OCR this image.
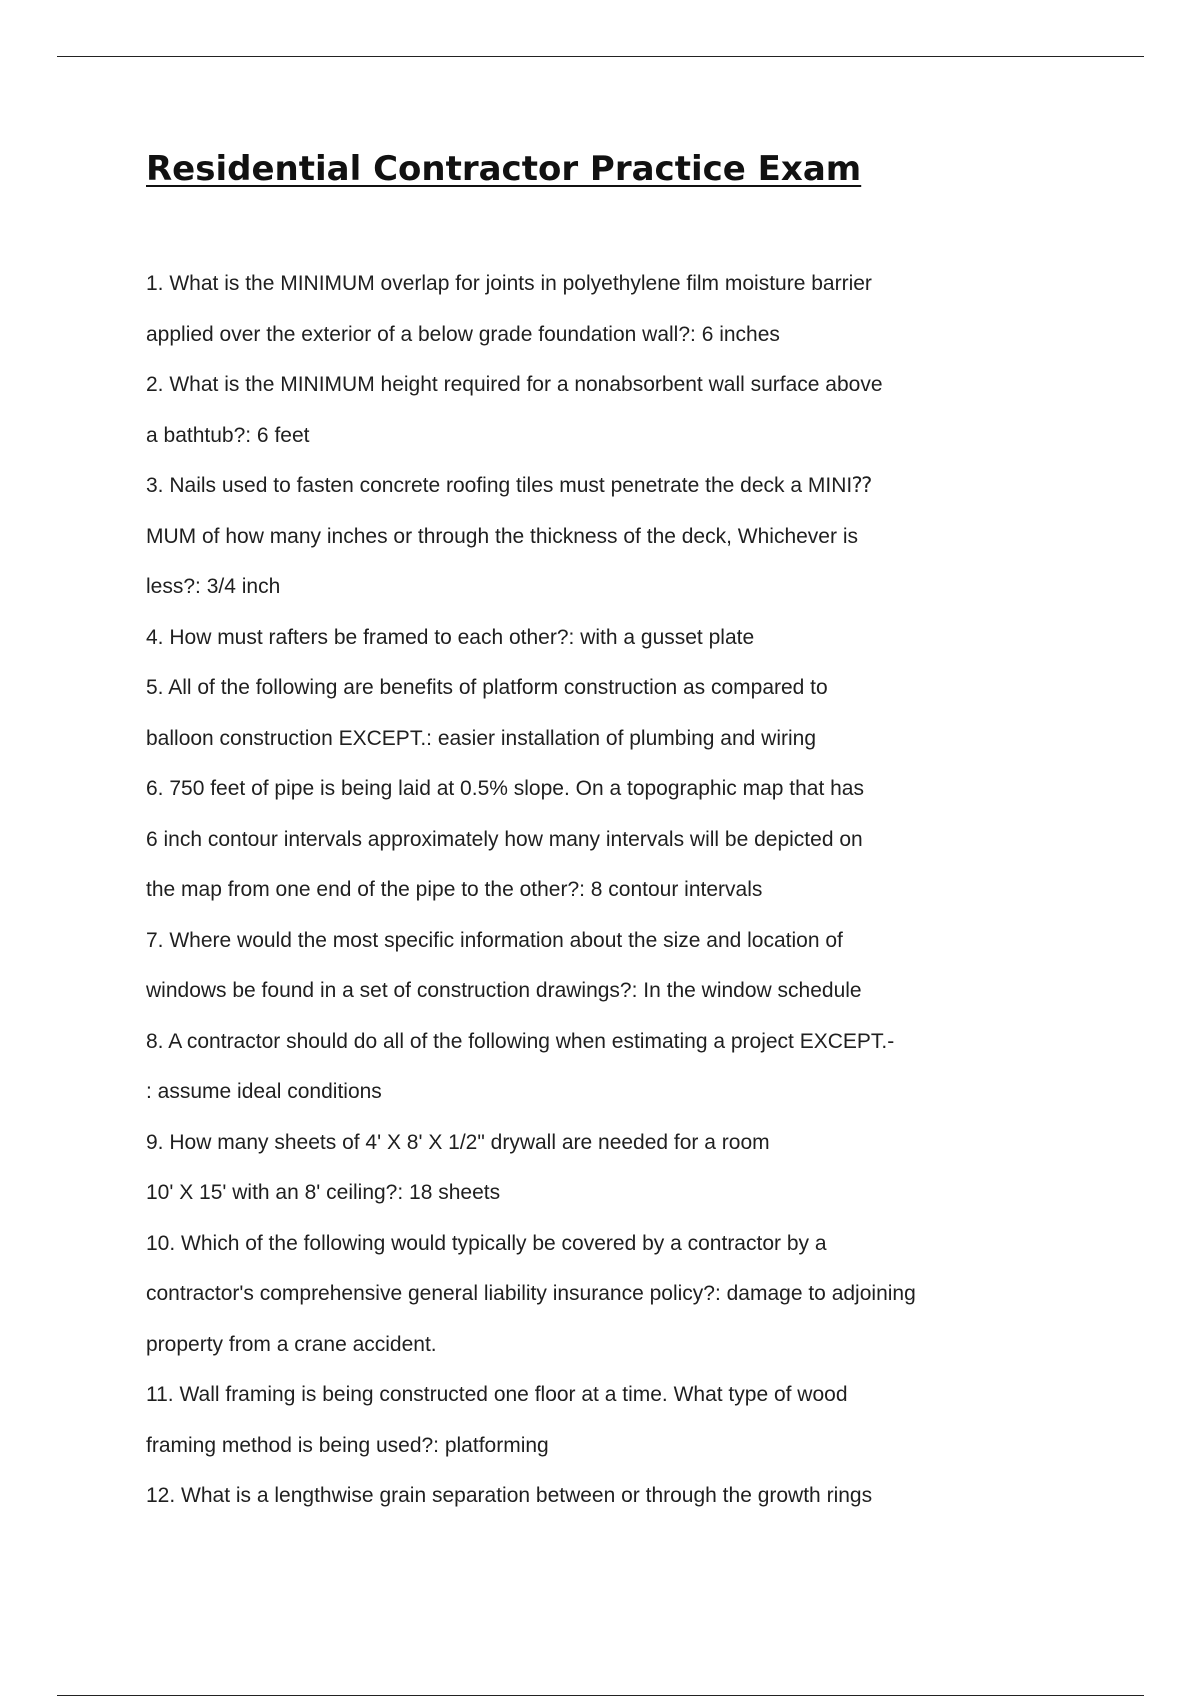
Residential Contractor Practice Exam
1. What is the MINIMUM overlap for joints in polyethylene film moisture barrier
applied over the exterior of a below grade foundation wall?: 6 inches
2. What is the MINIMUM height required for a nonabsorbent wall surface above
a bathtub?: 6 feet
3. Nails used to fasten concrete roofing tiles must penetrate the deck a MINI⁇
MUM of how many inches or through the thickness of the deck, Whichever is
less?: 3/4 inch
4. How must rafters be framed to each other?: with a gusset plate
5. All of the following are benefits of platform construction as compared to
balloon construction EXCEPT.: easier installation of plumbing and wiring
6. 750 feet of pipe is being laid at 0.5% slope. On a topographic map that has
6 inch contour intervals approximately how many intervals will be depicted on
the map from one end of the pipe to the other?: 8 contour intervals
7. Where would the most specific information about the size and location of
windows be found in a set of construction drawings?: In the window schedule
8. A contractor should do all of the following when estimating a project EXCEPT.-
: assume ideal conditions
9. How many sheets of 4' X 8' X 1/2" drywall are needed for a room
10' X 15' with an 8' ceiling?: 18 sheets
10. Which of the following would typically be covered by a contractor by a
contractor's comprehensive general liability insurance policy?: damage to adjoining
property from a crane accident.
11. Wall framing is being constructed one floor at a time. What type of wood
framing method is being used?: platforming
12. What is a lengthwise grain separation between or through the growth rings
